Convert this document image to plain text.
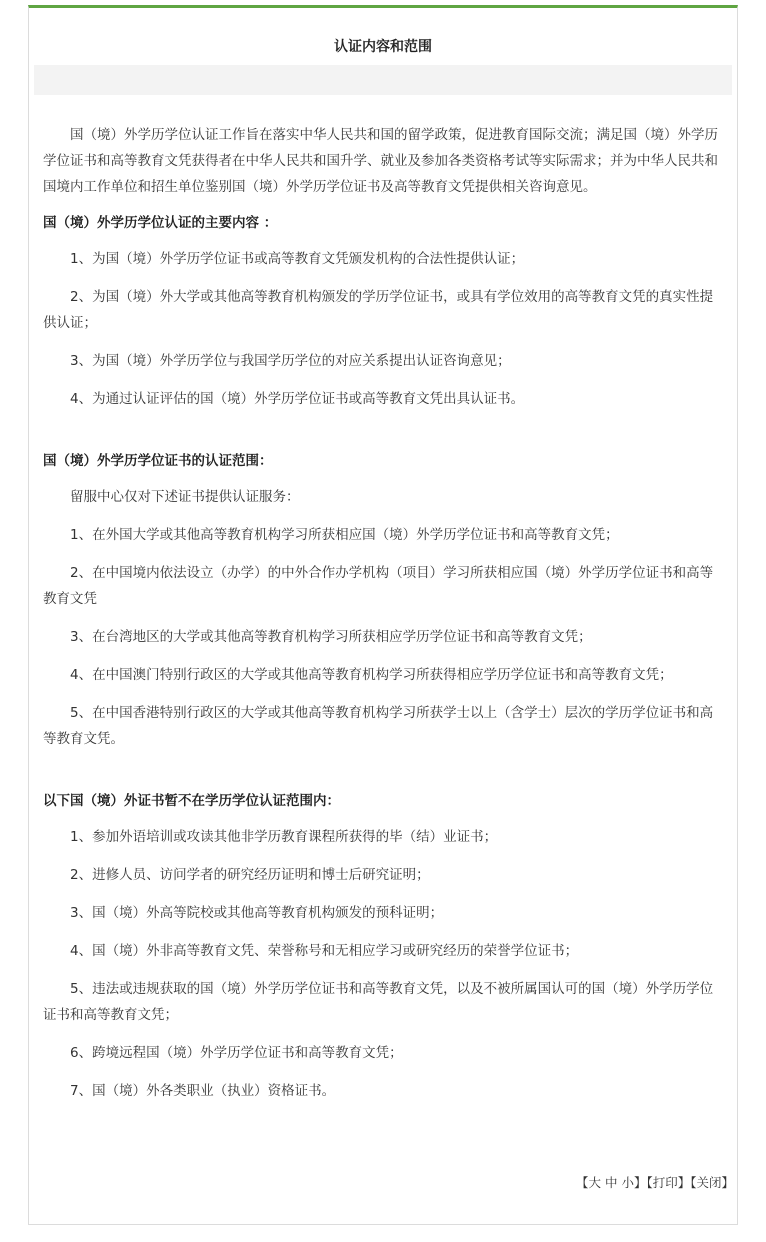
认证内容和范围

国（境）外学历学位认证工作旨在落实中华人民共和国的留学政策，促进教育国际交流；满足国（境）外学历学位证书和高等教育文凭获得者在中华人民共和国升学、就业及参加各类资格考试等实际需求；并为中华人民共和国境内工作单位和招生单位鉴别国（境）外学历学位证书及高等教育文凭提供相关咨询意见。

国（境）外学历学位认证的主要内容 ：

1、为国（境）外学历学位证书或高等教育文凭颁发机构的合法性提供认证；

2、为国（境）外大学或其他高等教育机构颁发的学历学位证书，或具有学位效用的高等教育文凭的真实性提供认证；

3、为国（境）外学历学位与我国学历学位的对应关系提出认证咨询意见；

4、为通过认证评估的国（境）外学历学位证书或高等教育文凭出具认证书。

国（境）外学历学位证书的认证范围：

留服中心仅对下述证书提供认证服务：

1、在外国大学或其他高等教育机构学习所获相应国（境）外学历学位证书和高等教育文凭；

2、在中国境内依法设立（办学）的中外合作办学机构（项目）学习所获相应国（境）外学历学位证书和高等教育文凭

3、在台湾地区的大学或其他高等教育机构学习所获相应学历学位证书和高等教育文凭；

4、在中国澳门特别行政区的大学或其他高等教育机构学习所获得相应学历学位证书和高等教育文凭；

5、在中国香港特别行政区的大学或其他高等教育机构学习所获学士以上（含学士）层次的学历学位证书和高等教育文凭。

以下国（境）外证书暂不在学历学位认证范围内：

1、参加外语培训或攻读其他非学历教育课程所获得的毕（结）业证书；

2、进修人员、访问学者的研究经历证明和博士后研究证明；

3、国（境）外高等院校或其他高等教育机构颁发的预科证明；

4、国（境）外非高等教育文凭、荣誉称号和无相应学习或研究经历的荣誉学位证书；

5、违法或违规获取的国（境）外学历学位证书和高等教育文凭，以及不被所属国认可的国（境）外学历学位证书和高等教育文凭；

6、跨境远程国（境）外学历学位证书和高等教育文凭；

7、国（境）外各类职业（执业）资格证书。

【大 中 小】【打印】【关闭】
